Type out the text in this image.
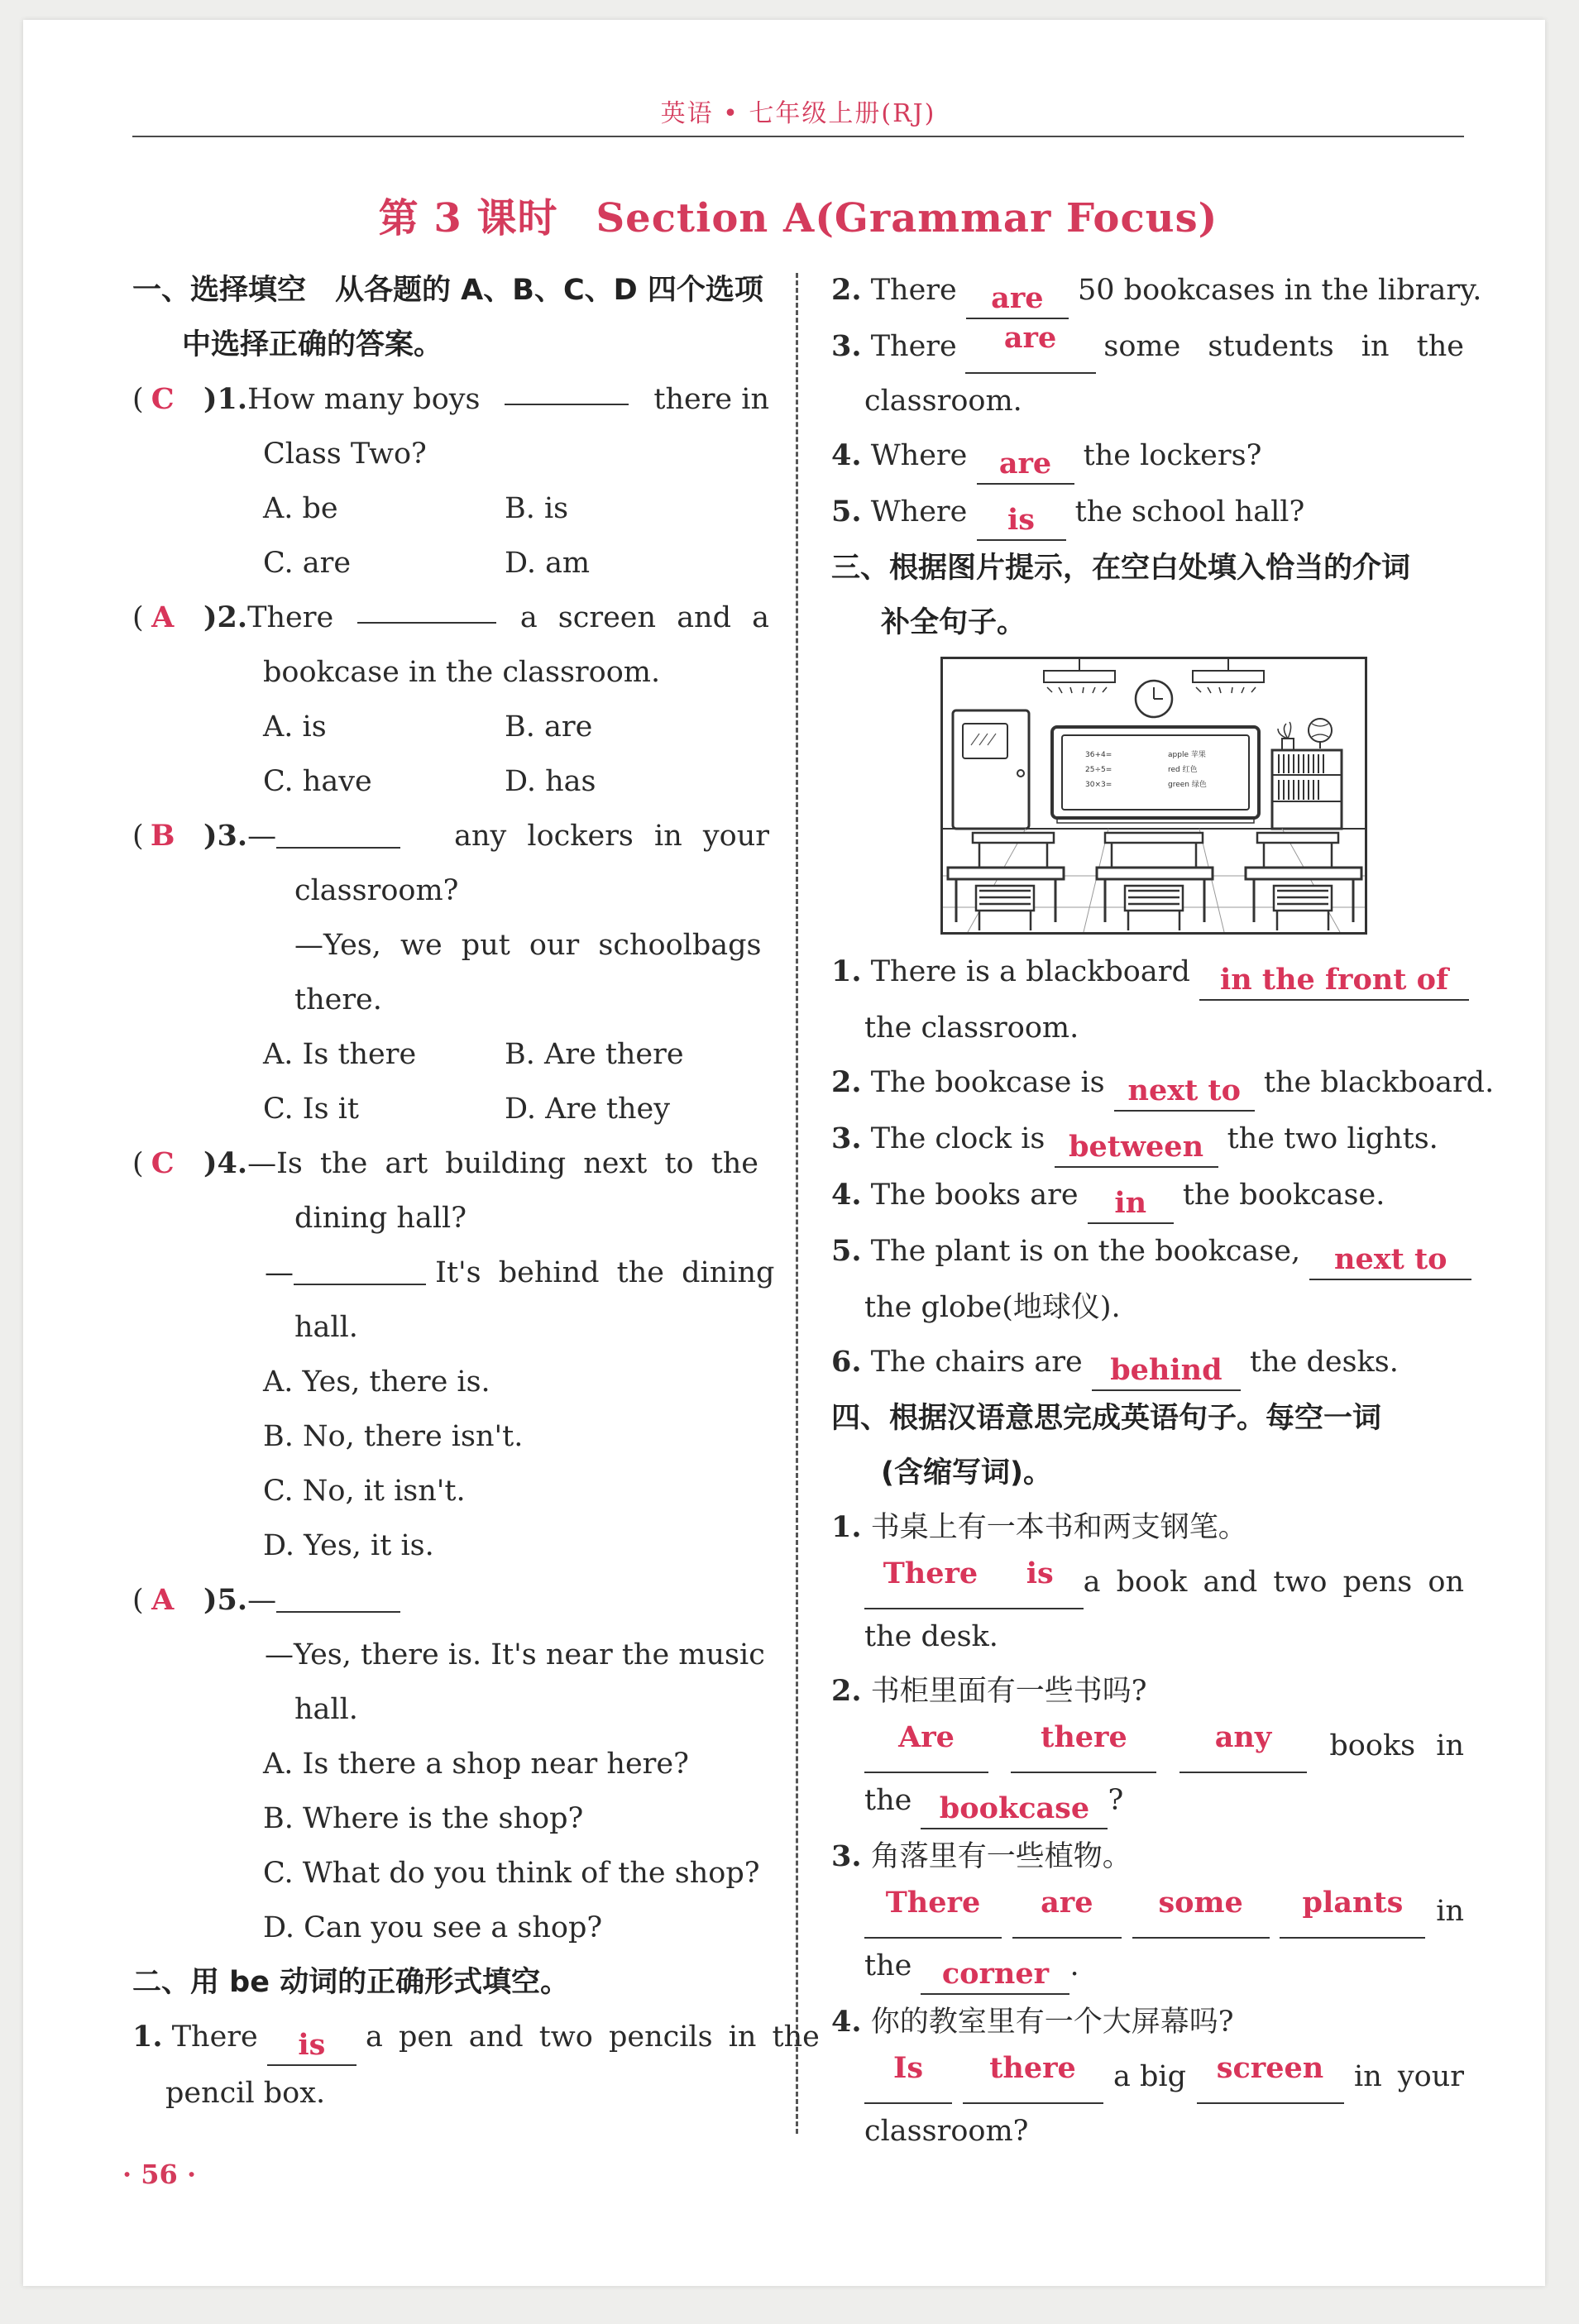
英语 • 七年级上册(RJ)
第 3 课时 Section A(Grammar Focus)
一、选择填空　从各题的 A、B、C、D 四个选项
中选择正确的答案。
( C )1.How many boys	there in
Class Two?
A. be	B. is
C. are	D. am
( A )2.There	a screen and a
bookcase in the classroom.
A. is	B. are
C. have	D. has
( B )3.—	any lockers in your
classroom?
—Yes, we put our schoolbags
there.
A. Is there	B. Are there
C. Is it	D. Are they
( C )4.—Is the art building next to the
dining hall?
—	It's behind the dining
hall.
A. Yes, there is.
B. No, there isn't.
C. No, it isn't.
D. Yes, it is.
( A )5.—
—Yes, there is. It's near the music
hall.
A. Is there a shop near here?
B. Where is the shop?
C. What do you think of the shop?
D. Can you see a shop?
二、用 be 动词的正确形式填空。
1. There is a pen and two pencils in the
pencil box.
2. There are 50 bookcases in the library.
3. There	are	some students in the
classroom.
4. Where are the lockers?
5. Where is the school hall?
三、根据图片提示，在空白处填入恰当的介词
补全句子。
36+4=
25÷5=
30×3=
apple 苹果
red 红色
green 绿色
1. There is a blackboard in the front of
the classroom.
2. The bookcase is next to the blackboard.
3. The clock is between the two lights.
4. The books are in the bookcase.
5. The plant is on the bookcase, next to
the globe(地球仪).
6. The chairs are behind the desks.
四、根据汉语意思完成英语句子。每空一词
(含缩写词)。
1. 书桌上有一本书和两支钢笔。
There	is	a book and two pens on
the desk.
2. 书柜里面有一些书吗?
Are	there	any	books in
the bookcase ?
3. 角落里有一些植物。
There	are	some	plants	in
the corner .
4. 你的教室里有一个大屏幕吗?
Is	there	a big	screen	in your
classroom?
· 56 ·
